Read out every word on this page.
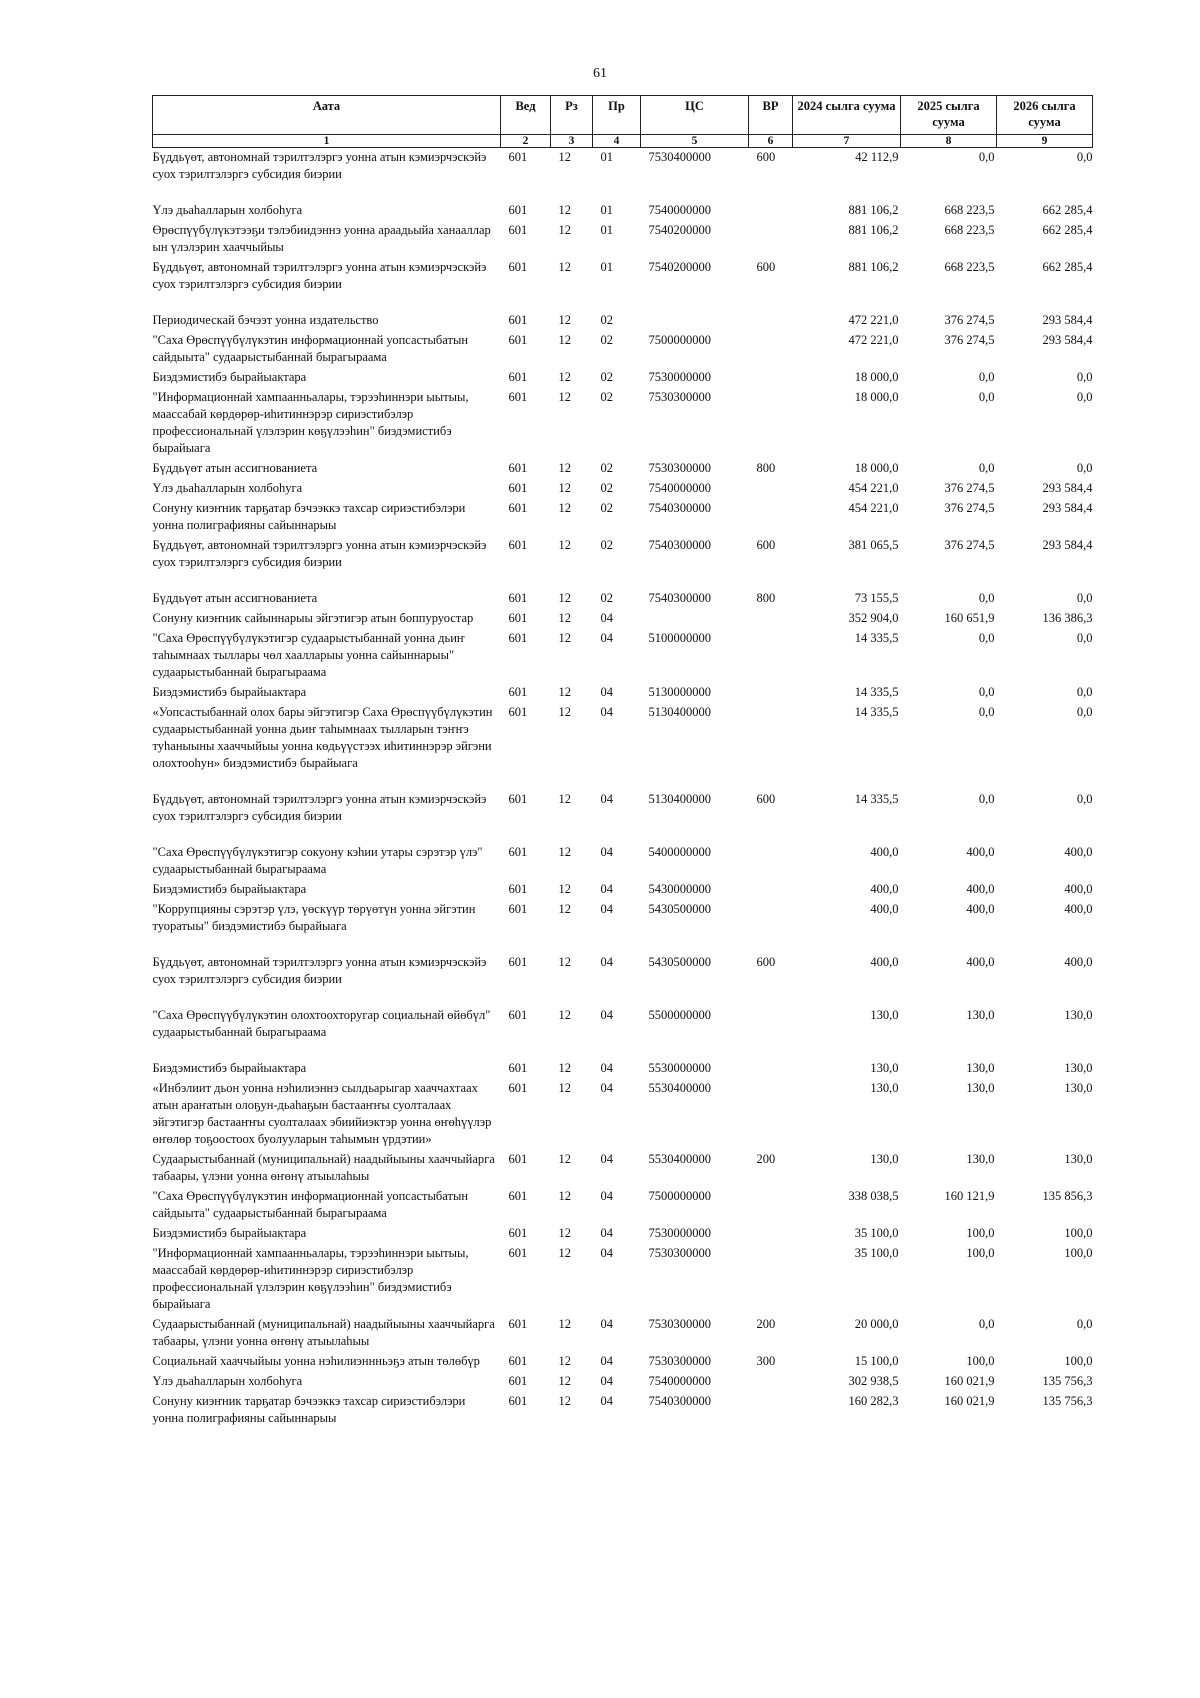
61
Аата	Вед	Рз	Пр	ЦС	ВР	2024 сылга суума	2025 сылга суума	2026 сылга суума
1	2	3	4	5	6	7	8	9
Бүддьүөт, автономнай тэрилтэлэргэ уонна атын кэмиэрчэскэйэ суох тэрилтэлэргэ субсидия биэрии	601	12	01	7530400000	600	42 112,9	0,0	0,0
Үлэ дьаһалларын холбоһуга	601	12	01	7540000000		881 106,2	668 223,5	662 285,4
Өрөспүүбүлүкэтээҕи тэлэбиидэннэ уонна араадьыйа ханааллар ын үлэлэрин хааччыйыы	601	12	01	7540200000		881 106,2	668 223,5	662 285,4
Бүддьүөт, автономнай тэрилтэлэргэ уонна атын кэмиэрчэскэйэ суох тэрилтэлэргэ субсидия биэрии	601	12	01	7540200000	600	881 106,2	668 223,5	662 285,4
Периодическай бэчээт уонна издательство	601	12	02			472 221,0	376 274,5	293 584,4
"Саха Өрөспүүбүлүкэтин информационнай уопсастыбатын сайдыыта" судаарыстыбаннай бырагыраама	601	12	02	7500000000		472 221,0	376 274,5	293 584,4
Биэдэмистибэ бырайыактара	601	12	02	7530000000		18 000,0	0,0	0,0
"Информационнай хампаанньалары, тэрээһиннэри ыытыы, маассабай көрдөрөр-иһитиннэрэр сириэстибэлэр профессиональнай үлэлэрин көҕүлээһин" биэдэмистибэ бырайыага	601	12	02	7530300000		18 000,0	0,0	0,0
Бүддьүөт атын ассигнованиета	601	12	02	7530300000	800	18 000,0	0,0	0,0
Үлэ дьаһалларын холбоһуга	601	12	02	7540000000		454 221,0	376 274,5	293 584,4
Сонуну киэҥник тарҕатар бэчээккэ тахсар сириэстибэлэри уонна полиграфияны сайыннарыы	601	12	02	7540300000		454 221,0	376 274,5	293 584,4
Бүддьүөт, автономнай тэрилтэлэргэ уонна атын кэмиэрчэскэйэ суох тэрилтэлэргэ субсидия биэрии	601	12	02	7540300000	600	381 065,5	376 274,5	293 584,4
Бүддьүөт атын ассигнованиета	601	12	02	7540300000	800	73 155,5	0,0	0,0
Сонуну киэҥник сайыннарыы эйгэтигэр атын боппуруостар	601	12	04			352 904,0	160 651,9	136 386,3
"Саха Өрөспүүбүлүкэтигэр судаарыстыбаннай уонна дьиҥ таһымнаах тыллары чөл хаалларыы уонна сайыннарыы" судаарыстыбаннай бырагыраама	601	12	04	5100000000		14 335,5	0,0	0,0
Биэдэмистибэ бырайыактара	601	12	04	5130000000		14 335,5	0,0	0,0
«Уопсастыбаннай олох бары эйгэтигэр Саха Өрөспүүбүлүкэтин судаарыстыбаннай уонна дьиҥ таһымнаах тылларын тэҥҥэ туһаныыны хааччыйыы уонна көдьүүстээх иһитиннэрэр эйгэни олохтооһун» биэдэмистибэ бырайыага	601	12	04	5130400000		14 335,5	0,0	0,0
Бүддьүөт, автономнай тэрилтэлэргэ уонна атын кэмиэрчэскэйэ суох тэрилтэлэргэ субсидия биэрии	601	12	04	5130400000	600	14 335,5	0,0	0,0
"Саха Өрөспүүбүлүкэтигэр сокуону кэһии утары сэрэтэр үлэ" судаарыстыбаннай бырагыраама	601	12	04	5400000000		400,0	400,0	400,0
Биэдэмистибэ бырайыактара	601	12	04	5430000000		400,0	400,0	400,0
"Коррупцияны сэрэтэр үлэ, үөскүүр төрүөтүн уонна эйгэтин туоратыы" биэдэмистибэ бырайыага	601	12	04	5430500000		400,0	400,0	400,0
Бүддьүөт, автономнай тэрилтэлэргэ уонна атын кэмиэрчэскэйэ суох тэрилтэлэргэ субсидия биэрии	601	12	04	5430500000	600	400,0	400,0	400,0
"Саха Өрөспүүбүлүкэтин олохтоохторугар социальнай өйөбүл" судаарыстыбаннай бырагыраама	601	12	04	5500000000		130,0	130,0	130,0
Биэдэмистибэ бырайыактара	601	12	04	5530000000		130,0	130,0	130,0
«Инбэлиит дьон уонна нэһилиэннэ сылдьарыгар хааччахтаах атын араҥатын олоҕун-дьаһаҕын бастааҥҥы суолталаах эйгэтигэр бастааҥҥы суолталаах эбиийиэктэр уонна өҥөһүүлэр өҥөлөр тоҕоостоох буолууларын таһымын үрдэтии»	601	12	04	5530400000		130,0	130,0	130,0
Судаарыстыбаннай (муниципальнай) наадыйыыны хааччыйарга табаары, үлэни уонна өҥөнү атыылаһыы	601	12	04	5530400000	200	130,0	130,0	130,0
"Саха Өрөспүүбүлүкэтин информационнай уопсастыбатын сайдыыта" судаарыстыбаннай бырагыраама	601	12	04	7500000000		338 038,5	160 121,9	135 856,3
Биэдэмистибэ бырайыактара	601	12	04	7530000000		35 100,0	100,0	100,0
"Информационнай хампаанньалары, тэрээһиннэри ыытыы, маассабай көрдөрөр-иһитиннэрэр сириэстибэлэр профессиональнай үлэлэрин көҕүлээһин" биэдэмистибэ бырайыага	601	12	04	7530300000		35 100,0	100,0	100,0
Судаарыстыбаннай (муниципальнай) наадыйыыны хааччыйарга табаары, үлэни уонна өҥөнү атыылаһыы	601	12	04	7530300000	200	20 000,0	0,0	0,0
Социальнай хааччыйыы уонна нэһилиэннньэҕэ атын төлөбүр	601	12	04	7530300000	300	15 100,0	100,0	100,0
Үлэ дьаһалларын холбоһуга	601	12	04	7540000000		302 938,5	160 021,9	135 756,3
Сонуну киэҥник тарҕатар бэчээккэ тахсар сириэстибэлэри уонна полиграфияны сайыннарыы	601	12	04	7540300000		160 282,3	160 021,9	135 756,3
